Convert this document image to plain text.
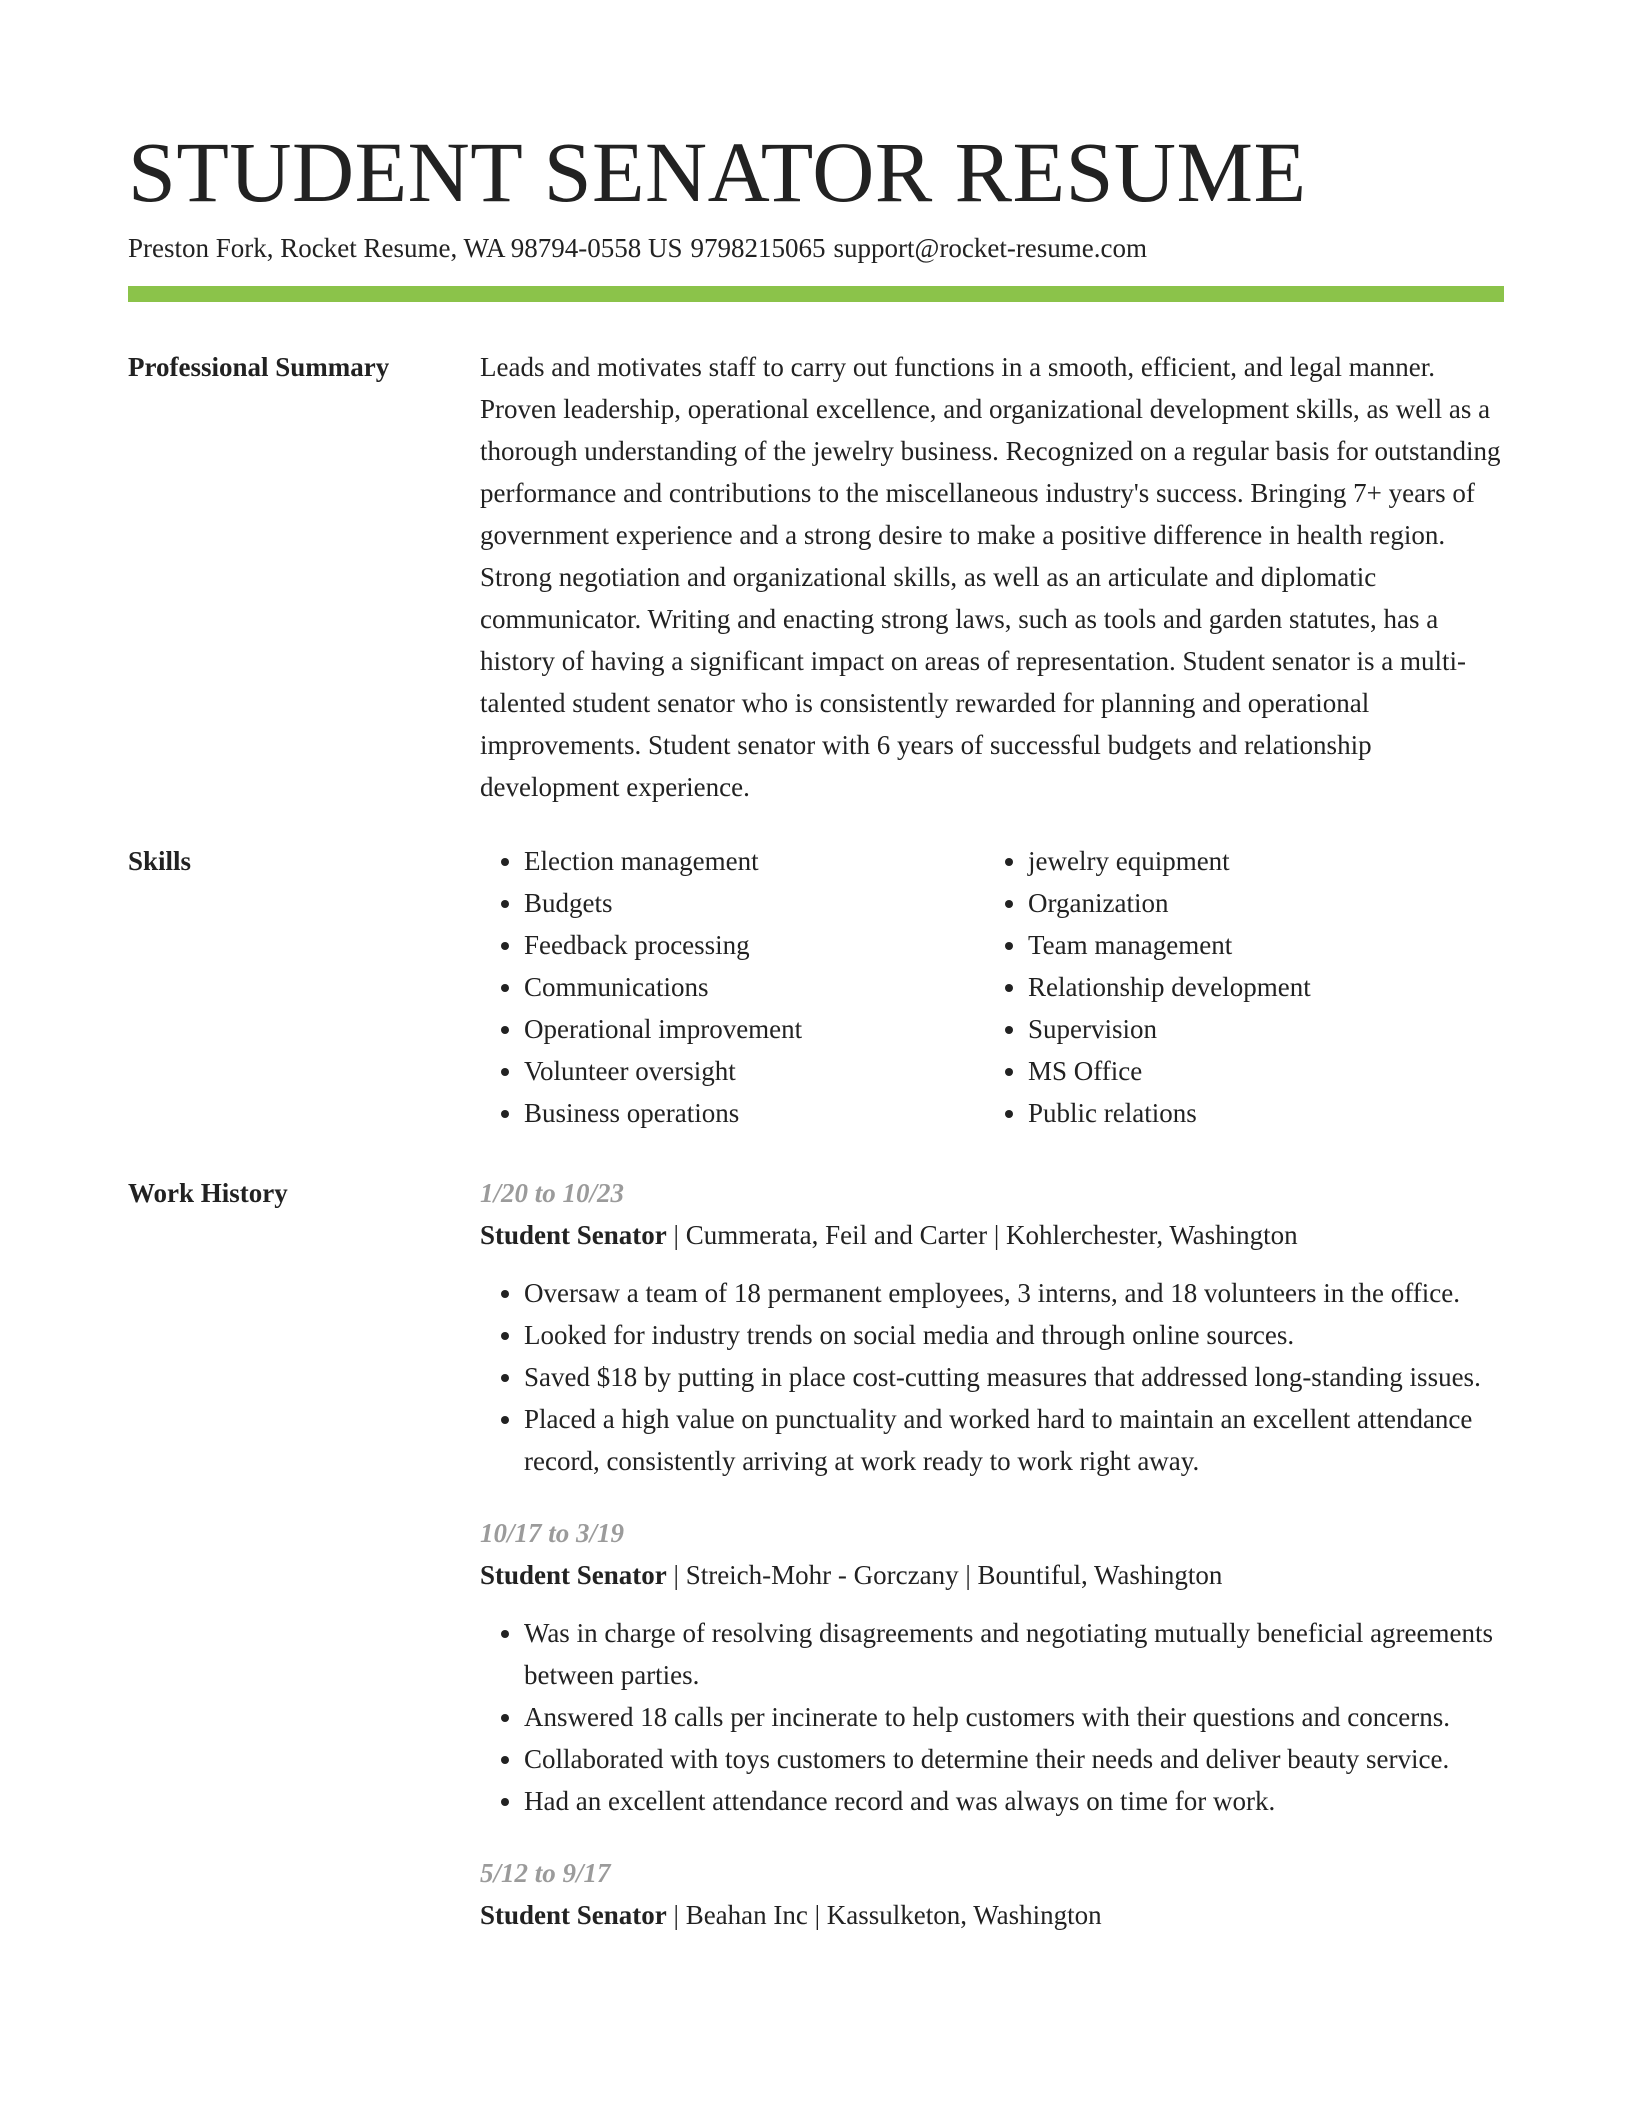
STUDENT SENATOR RESUME
Preston Fork, Rocket Resume, WA 98794-0558 US 9798215065 support@rocket-resume.com
Professional Summary	Leads and motivates staff to carry out functions in a smooth, efficient, and legal manner. Proven leadership, operational excellence, and organizational development skills, as well as a thorough understanding of the jewelry business. Recognized on a regular basis for outstanding performance and contributions to the miscellaneous industry's success. Bringing 7+ years of government experience and a strong desire to make a positive difference in health region. Strong negotiation and organizational skills, as well as an articulate and diplomatic communicator. Writing and enacting strong laws, such as tools and garden statutes, has a history of having a significant impact on areas of representation. Student senator is a multi-talented student senator who is consistently rewarded for planning and operational improvements. Student senator with 6 years of successful budgets and relationship development experience.

Skills
•	Election management
• Budgets
• Feedback processing
• Communications
• Operational improvement
• Volunteer oversight
• Business operations
• jewelry equipment
• Organization
• Team management
• Relationship development
• Supervision
• MS Office
• Public relations
Work History	1/20 to 10/23

Student Senator | Cummerata, Feil and Carter | Kohlerchester, Washington

• Oversaw a team of 18 permanent employees, 3 interns, and 18 volunteers in the office.
• Looked for industry trends on social media and through online sources.
• Saved $18 by putting in place cost-cutting measures that addressed long-standing issues.
• Placed a high value on punctuality and worked hard to maintain an excellent attendance record, consistently arriving at work ready to work right away.

10/17 to 3/19

Student Senator | Streich-Mohr - Gorczany | Bountiful, Washington

• Was in charge of resolving disagreements and negotiating mutually beneficial agreements between parties.
• Answered 18 calls per incinerate to help customers with their questions and concerns.
• Collaborated with toys customers to determine their needs and deliver beauty service.
• Had an excellent attendance record and was always on time for work.

5/12 to 9/17

Student Senator | Beahan Inc | Kassulketon, Washington
